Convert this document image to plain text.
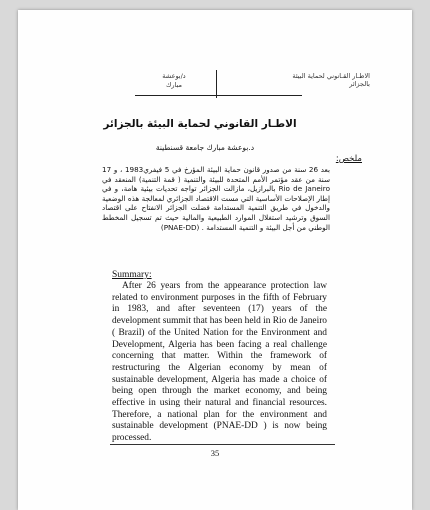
الاطـار القـانوني لحماية البيئة بالجزائر
د/بوعشة
مبارك
الاطـار القانوني لحماية البيئة بالجزائر
د.بوعشة مبارك جامعة قسنطينة
ملخص:

بعد 26 سنة من صدور قانون حماية البيئة المؤرخ في 5 فيفري1983 ، و 17 سنة من عقد مؤتمر الأمم المتحدة للبيئة والتنمية ( قمة التنمية) المنعقد في Rio de Janeiro بالبرازيل، مازالت الجزائر تواجه تحديات بيئية هامة، و في إطار الإصلاحات الأساسية التي مست الاقتصاد الجزائري لمعالجة هذه الوضعية والدخول في طريق التنمية المستدامة فضلت الجزائر الانفتاح على اقتصاد السوق وترشيد استغلال الموارد الطبيعية والمالية حيث تم تسجيل المخطط الوطني من أجل البيئة و التنمية المستدامة . (PNAE-DD)

Summary:

After 26 years from the appearance protection law related to environment purposes in the fifth of February in 1983, and after seventeen (17) years of the development summit that has been held in Rio de Janeiro ( Brazil) of the United Nation for the Environment and Development, Algeria has been facing a real challenge concerning that matter. Within the framework of restructuring the Algerian economy by mean of sustainable development, Algeria has made a choice of being open through the market economy, and being effective in using their natural and financial resources. Therefore, a national plan for the environment and sustainable development (PNAE-DD ) is now being processed.

35
